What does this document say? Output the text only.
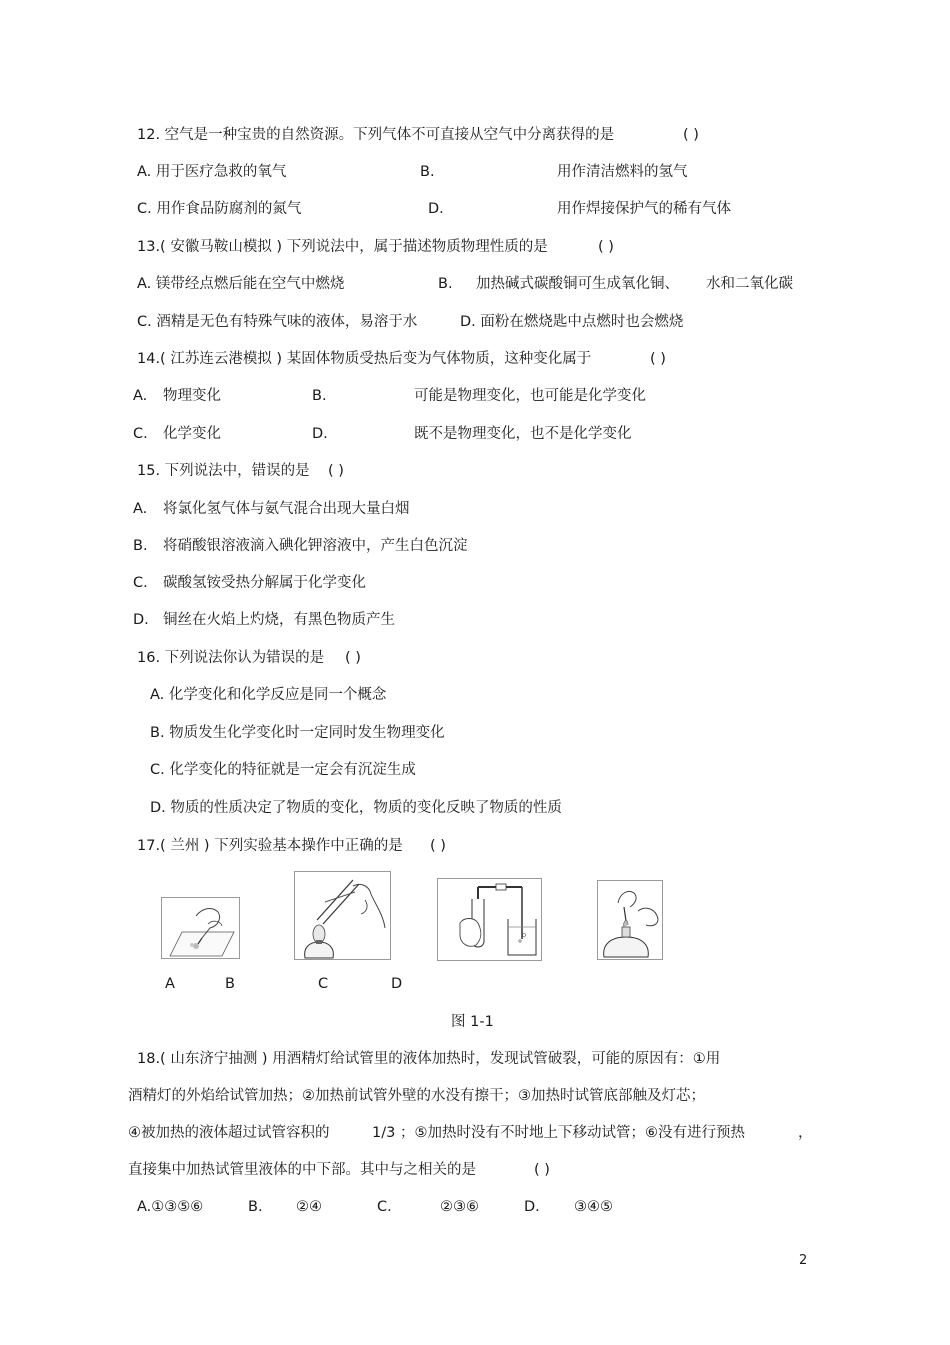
12. 空气是一种宝贵的自然资源。下列气体不可直接从空气中分离获得的是	( )
A. 用于医疗急救的氧气	B.	用作清洁燃料的氢气
C. 用作食品防腐剂的氮气	D.	用作焊接保护气的稀有气体
13.( 安徽马鞍山模拟 ) 下列说法中，属于描述物质物理性质的是	( )
A. 镁带经点燃后能在空气中燃烧	B. 加热碱式碳酸铜可生成氧化铜、 水和二氧化碳
C. 酒精是无色有特殊气味的液体，易溶于水	D. 面粉在燃烧匙中点燃时也会燃烧
14.( 江苏连云港模拟 ) 某固体物质受热后变为气体物质，这种变化属于	( )
A. 物理变化	B.	可能是物理变化，也可能是化学变化
C. 化学变化	D.	既不是物理变化，也不是化学变化
15. 下列说法中，错误的是 ( )
A. 将氯化氢气体与氨气混合出现大量白烟
B. 将硝酸银溶液滴入碘化钾溶液中，产生白色沉淀
C. 碳酸氢铵受热分解属于化学变化
D. 铜丝在火焰上灼烧，有黑色物质产生
16. 下列说法你认为错误的是 ( )
A. 化学变化和化学反应是同一个概念
B. 物质发生化学变化时一定同时发生物理变化
C. 化学变化的特征就是一定会有沉淀生成
D. 物质的性质决定了物质的变化，物质的变化反映了物质的性质
17.( 兰州 ) 下列实验基本操作中正确的是 ( )
A	B	C	D
图 1-1
18.( 山东济宁抽测 ) 用酒精灯给试管里的液体加热时，发现试管破裂，可能的原因有：①用
酒精灯的外焰给试管加热；②加热前试管外壁的水没有擦干；③加热时试管底部触及灯芯；
④被加热的液体超过试管容积的	1/3 ；⑤加热时没有不时地上下移动试管；⑥没有进行预热	，
直接集中加热试管里液体的中下部。其中与之相关的是	( )
A.①③⑤⑥	B. ②④	C.	②③⑥	D. ③④⑤
2
